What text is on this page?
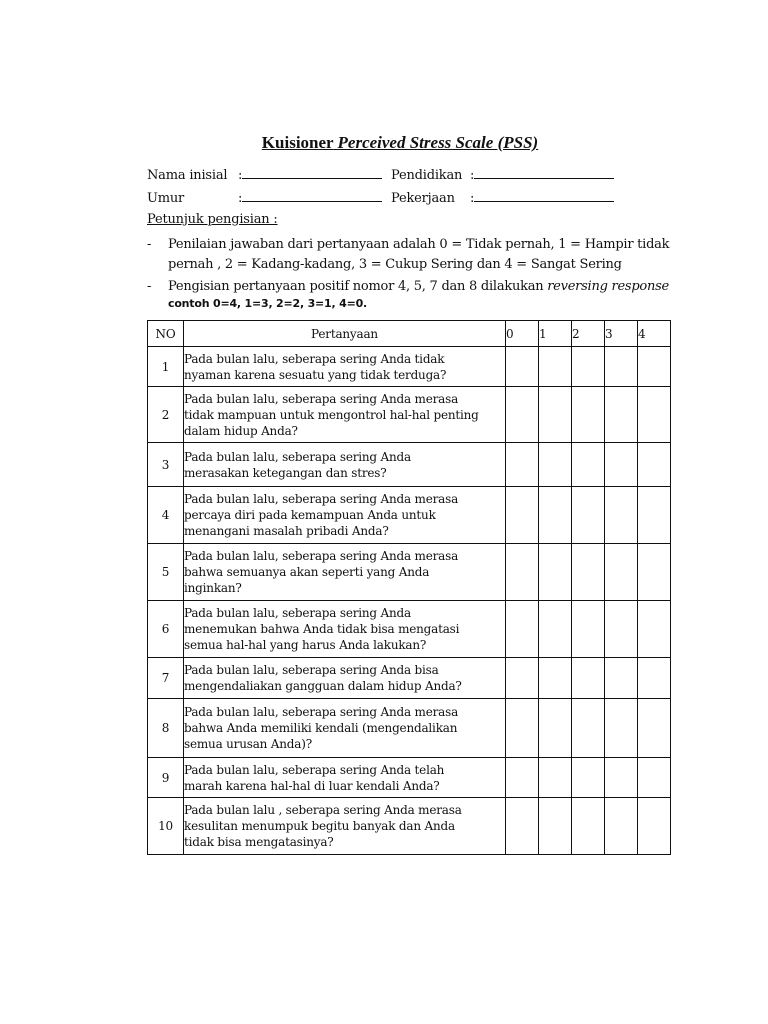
Kuisioner Perceived Stress Scale (PSS)
Nama inisial :	Pendidikan :
Umur	:	Pekerjaan :
Petunjuk pengisian :
- Penilaian jawaban dari pertanyaan adalah 0 = Tidak pernah, 1 = Hampir tidak
pernah , 2 = Kadang-kadang, 3 = Cukup Sering dan 4 = Sangat Sering
- Pengisian pertanyaan positif nomor 4, 5, 7 dan 8 dilakukan reversing response
contoh 0=4, 1=3, 2=2, 3=1, 4=0.
NO	Pertanyaan	0	1	2	3	4
1	Pada bulan lalu, seberapa sering Anda tidak
nyaman karena sesuatu yang tidak terduga?					
2	Pada bulan lalu, seberapa sering Anda merasa
tidak mampuan untuk mengontrol hal-hal penting
dalam hidup Anda?					
3	Pada bulan lalu, seberapa sering Anda
merasakan ketegangan dan stres?					
4	Pada bulan lalu, seberapa sering Anda merasa
percaya diri pada kemampuan Anda untuk
menangani masalah pribadi Anda?					
5	Pada bulan lalu, seberapa sering Anda merasa
bahwa semuanya akan seperti yang Anda
inginkan?					
6	Pada bulan lalu, seberapa sering Anda
menemukan bahwa Anda tidak bisa mengatasi
semua hal-hal yang harus Anda lakukan?					
7	Pada bulan lalu, seberapa sering Anda bisa
mengendaliakan gangguan dalam hidup Anda?					
8	Pada bulan lalu, seberapa sering Anda merasa
bahwa Anda memiliki kendali (mengendalikan
semua urusan Anda)?					
9	Pada bulan lalu, seberapa sering Anda telah
marah karena hal-hal di luar kendali Anda?					
10	Pada bulan lalu , seberapa sering Anda merasa
kesulitan menumpuk begitu banyak dan Anda
tidak bisa mengatasinya?					
